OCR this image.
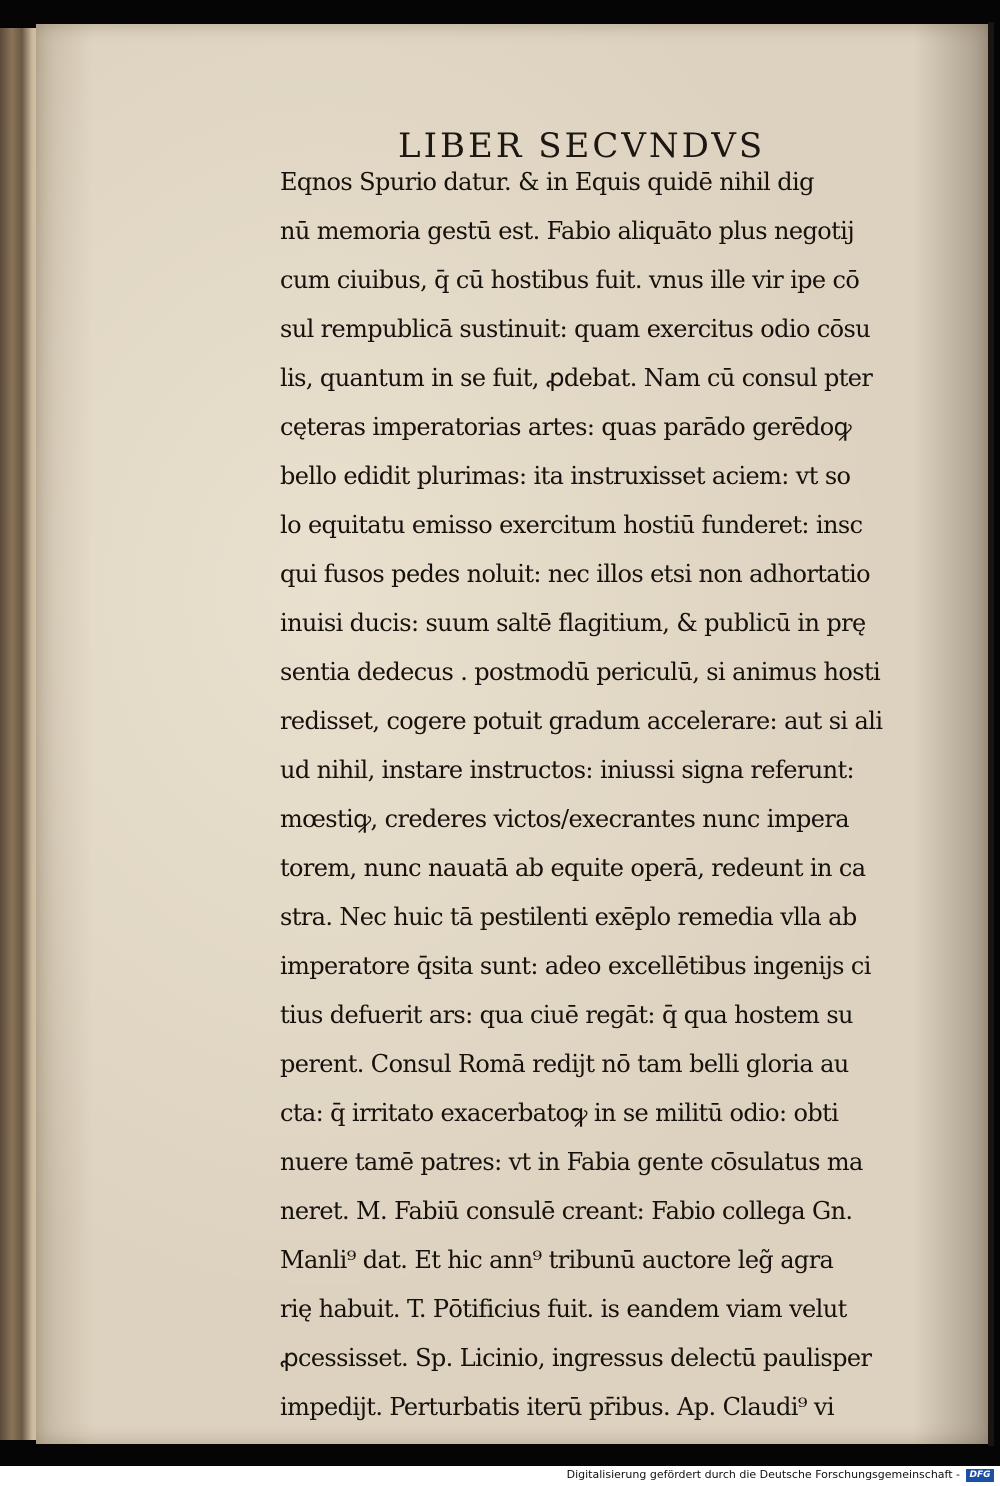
LIBER SECVNDVS
Eqnos Spurio datur. & in Equis quidē nihil dig
nū memoria gestū est. Fabio aliquāto plus negotij
cum ciuibus, q̄ cū hostibus fuit. vnus ille vir ipe cō
sul rempublicā sustinuit: quam exercitus odio cōsu
lis, quantum in se fuit, ꝓdebat. Nam cū consul pter
cęteras imperatorias artes: quas parādo gerēdoꝙ
bello edidit plurimas: ita instruxisset aciem: vt so
lo equitatu emisso exercitum hostiū funderet: insc
qui fusos pedes noluit: nec illos etsi non adhortatio
inuisi ducis: suum saltē flagitium, & publicū in prę
sentia dedecus . postmodū periculū, si animus hosti
redisset, cogere potuit gradum accelerare: aut si ali
ud nihil, instare instructos: iniussi signa referunt:
mœstiꝙ, crederes victos/execrantes nunc impera
torem, nunc nauatā ab equite operā, redeunt in ca
stra. Nec huic tā pestilenti exēplo remedia vlla ab
imperatore q̄sita sunt: adeo excellētibus ingenijs ci
tius defuerit ars: qua ciuē regāt: q̄ qua hostem su
perent. Consul Romā redijt nō tam belli gloria au
cta: q̄ irritato exacerbatoꝙ in se militū odio: obti
nuere tamē patres: vt in Fabia gente cōsulatus ma
neret. M. Fabiū consulē creant: Fabio collega Gn.
Manli⁹ dat. Et hic ann⁹ tribunū auctore leg̃ agra
rię habuit. T. Pōtificius fuit. is eandem viam velut
ꝓcessisset. Sp. Licinio, ingressus delectū paulisper
impedijt. Perturbatis iterū pr̄ibus. Ap. Claudi⁹ vi
Digitalisierung gefördert durch die Deutsche Forschungsgemeinschaft -	DFG
